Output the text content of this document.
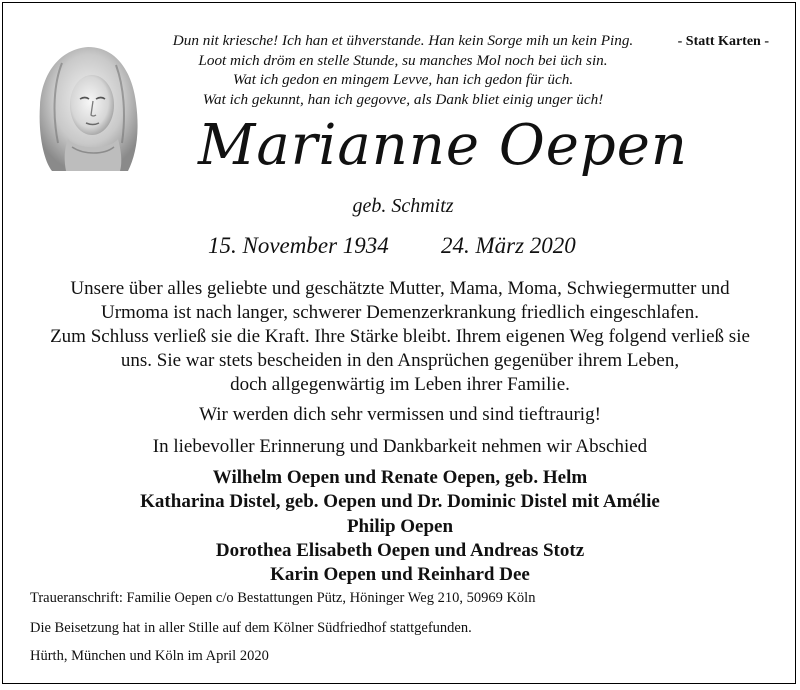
Dun nit kriesche! Ich han et ühverstande. Han kein Sorge mih un kein Ping.
Loot mich dröm en stelle Stunde, su manches Mol noch bei üch sin.
Wat ich gedon en mingem Levve, han ich gedon für üch.
Wat ich gekunnt, han ich gegovve, als Dank bliet einig unger üch!
- Statt Karten -
Marianne Oepen
geb. Schmitz
15. November 1934 24. März 2020
Unsere über alles geliebte und geschätzte Mutter, Mama, Moma, Schwiegermutter und
Urmoma ist nach langer, schwerer Demenzerkrankung friedlich eingeschlafen.
Zum Schluss verließ sie die Kraft. Ihre Stärke bleibt. Ihrem eigenen Weg folgend verließ sie
uns. Sie war stets bescheiden in den Ansprüchen gegenüber ihrem Leben,
doch allgegenwärtig im Leben ihrer Familie.
Wir werden dich sehr vermissen und sind tieftraurig!
In liebevoller Erinnerung und Dankbarkeit nehmen wir Abschied
Wilhelm Oepen und Renate Oepen, geb. Helm
Katharina Distel, geb. Oepen und Dr. Dominic Distel mit Amélie
Philip Oepen
Dorothea Elisabeth Oepen und Andreas Stotz
Karin Oepen und Reinhard Dee
Traueranschrift: Familie Oepen c/o Bestattungen Pütz, Höninger Weg 210, 50969 Köln
Die Beisetzung hat in aller Stille auf dem Kölner Südfriedhof stattgefunden.
Hürth, München und Köln im April 2020
